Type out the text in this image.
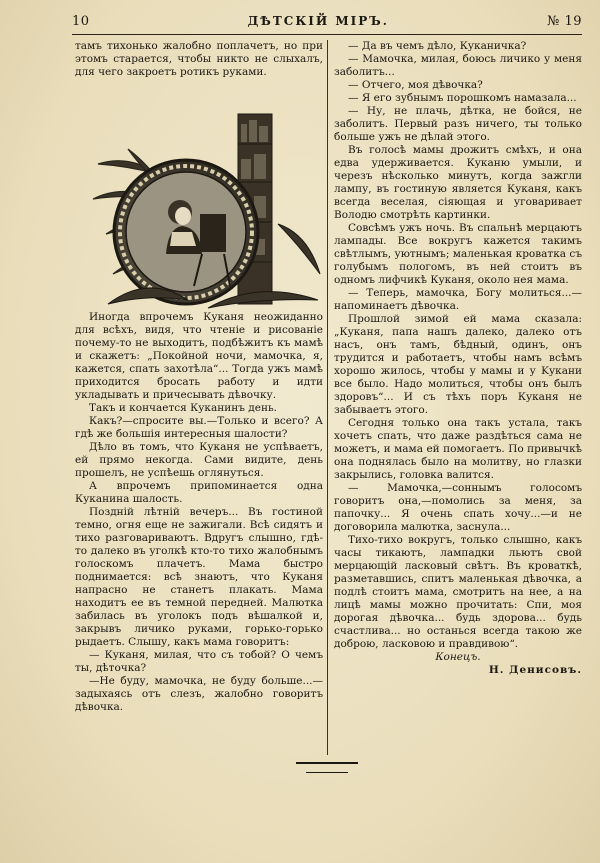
10	ДѢТСКІЙ МІРЪ.	№ 19

тамъ тихонько жалобно поплачетъ, но при этомъ старается, чтобы никто не слыхалъ, для чего закроетъ ротикъ руками.

Иногда впрочемъ Куканя неожиданно для всѣхъ, видя, что чтеніе и рисованіе почему-то не выходитъ, подбѣжитъ къ мамѣ и скажетъ: „Покойной ночи, мамочка, я, кажется, спать захотѣла“... Тогда ужъ мамѣ приходится бросать работу и идти укладывать и причесывать дѣвочку.

Такъ и кончается Куканинъ день.

Какъ?—спросите вы.—Только и всего? А гдѣ же большія интересныя шалости?

Дѣло въ томъ, что Куканя не успѣваетъ, ей прямо некогда. Сами видите, день прошелъ, не успѣешь оглянуться.

А впрочемъ припоминается одна Куканина шалость.

Поздній лѣтній вечеръ... Въ гостиной темно, огня еще не зажигали. Всѣ сидятъ и тихо разговариваютъ. Вдругъ слышно, гдѣ-то далеко въ уголкѣ кто-то тихо жалобнымъ голоскомъ плачетъ. Мама быстро поднимается: всѣ знаютъ, что Куканя напрасно не станетъ плакать. Мама находитъ ее въ темной передней. Малютка забилась въ уголокъ подъ вѣшалкой и, закрывъ личико руками, горько-горько рыдаетъ. Слышу, какъ мама говоритъ:

— Куканя, милая, что съ тобой? О чемъ ты, дѣточка?

—Не буду, мамочка, не буду больше...— задыхаясь отъ слезъ, жалобно говоритъ дѣвочка.

— Да въ чемъ дѣло, Куканичка?

— Мамочка, милая, боюсь личико у меня заболитъ...

— Отчего, моя дѣвочка?

— Я его зубнымъ порошкомъ намазала...

— Ну, не плачь, дѣтка, не бойся, не заболитъ. Первый разъ ничего, ты только больше ужъ не дѣлай этого.

Въ голосѣ мамы дрожитъ смѣхъ, и она едва удерживается. Куканю умыли, и черезъ нѣсколько минутъ, когда зажгли лампу, въ гостиную является Куканя, какъ всегда веселая, сіяющая и уговаривает Володю смотрѣть картинки.

Совсѣмъ ужъ ночь. Въ спальнѣ мерцаютъ лампады. Все вокругъ кажется такимъ свѣтлымъ, уютнымъ; маленькая кроватка съ голубымъ пологомъ, въ ней стоитъ въ одномъ лифчикѣ Куканя, около нея мама.

— Теперь, мамочка, Богу молиться...— напоминаетъ дѣвочка.

Прошлой зимой ей мама сказала: „Куканя, папа нашъ далеко, далеко отъ насъ, онъ тамъ, бѣдный, одинъ, онъ трудится и работаетъ, чтобы намъ всѣмъ хорошо жилось, чтобы у мамы и у Kукани все было. Надо молиться, чтобы онъ былъ здоровъ“... И съ тѣхъ поръ Куканя не забываетъ этого.

Сегодня только она такъ устала, такъ хочетъ спать, что даже раздѣться сама не можетъ, и мама ей помогаетъ. По привычкѣ она поднялась было на молитву, но глазки закрылись, головка валится.

— Мамочка,—соннымъ голосомъ говоритъ она,—помолись за меня, за папочку... Я очень спать хочу...—и не договорила малютка, заснула...

Тихо-тихо вокругъ, только слышно, какъ часы тикаютъ, лампадки льютъ свой мерцающій ласковый свѣтъ. Въ кроваткѣ, разметавшись, спитъ маленькая дѣвочка, а подлѣ стоитъ мама, смотритъ на нее, а на лицѣ мамы можно прочитать: Спи, моя дорогая дѣвочка... будь здорова... будь счастлива... но останься всегда такою же доброю, ласковою и правдивою“.

Конецъ.

Н. Денисовъ.
